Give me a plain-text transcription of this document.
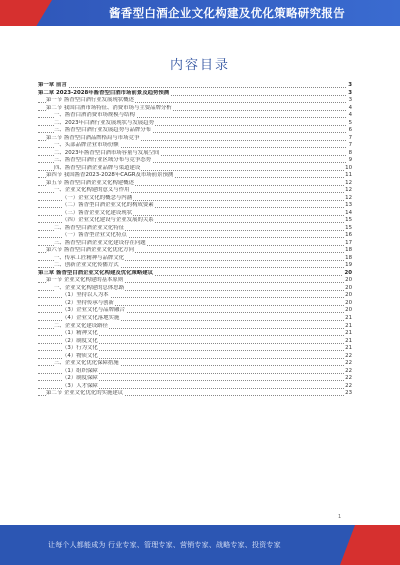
酱香型白酒企业文化构建及优化策略研究报告
内容目录
第一章 前言	3
第二章 2023-2028年酱香型白酒市场前景及趋势预测	3
第一节 酱香型白酒行业发展现状概述	3
第二节 我国白酒市场特征、消费市场与主要品牌分析	4
一、酱香白酒消费市场规模与结构	4
二、2023年白酒行业发展现状与发展趋势	5
三、酱香型白酒行业发展趋势与品牌分布	6
第三节 酱香型白酒品牌格局与市场竞争	7
一、头部品牌企业市场份额	7
二、2023年酱香型白酒市场容量与发展空间	8
三、酱香型白酒行业区域分布与竞争态势	9
四、酱香型白酒企业品牌与渠道建设	10
第四节 我国酱香2023-2028年CAGR及市场前景预测	11
第五节 酱香型白酒企业文化构建概述	12
一、企业文化构建的意义与作用	12
（一）企业文化的概念与内涵	12
（二）酱香型白酒企业文化的构成要素	13
（三）酱香企业文化建设现状	14
（四）企业文化建设与企业发展的关系	15
二、酱香型白酒企业文化特征	15
（一）酱香型企业文化特点	16
三、酱香型白酒企业文化建设存在问题	17
第六节 酱香型白酒企业文化优化方向	18
一、传承工匠精神与品牌文化	18
二、创新企业文化传播方式	19
第三章 酱香型白酒企业文化构建及优化策略建议	20
第一节 企业文化构建的基本原则	20
一、企业文化构建的总体思路	20
（1）坚持以人为本	20
（2）坚持传承与创新	20
（3）企业文化与品牌融合	20
（4）企业文化落地实施	21
二、企业文化建设路径	21
（1）精神文化	21
（2）制度文化	21
（3）行为文化	21
（4）物质文化	22
三、企业文化优化保障措施	22
（1）组织保障	22
（2）制度保障	22
（3）人才保障	22
第二节 企业文化优化的实施建议	23
1
让每个人都能成为 行业专家、管理专家、营销专家、战略专家、投资专家
